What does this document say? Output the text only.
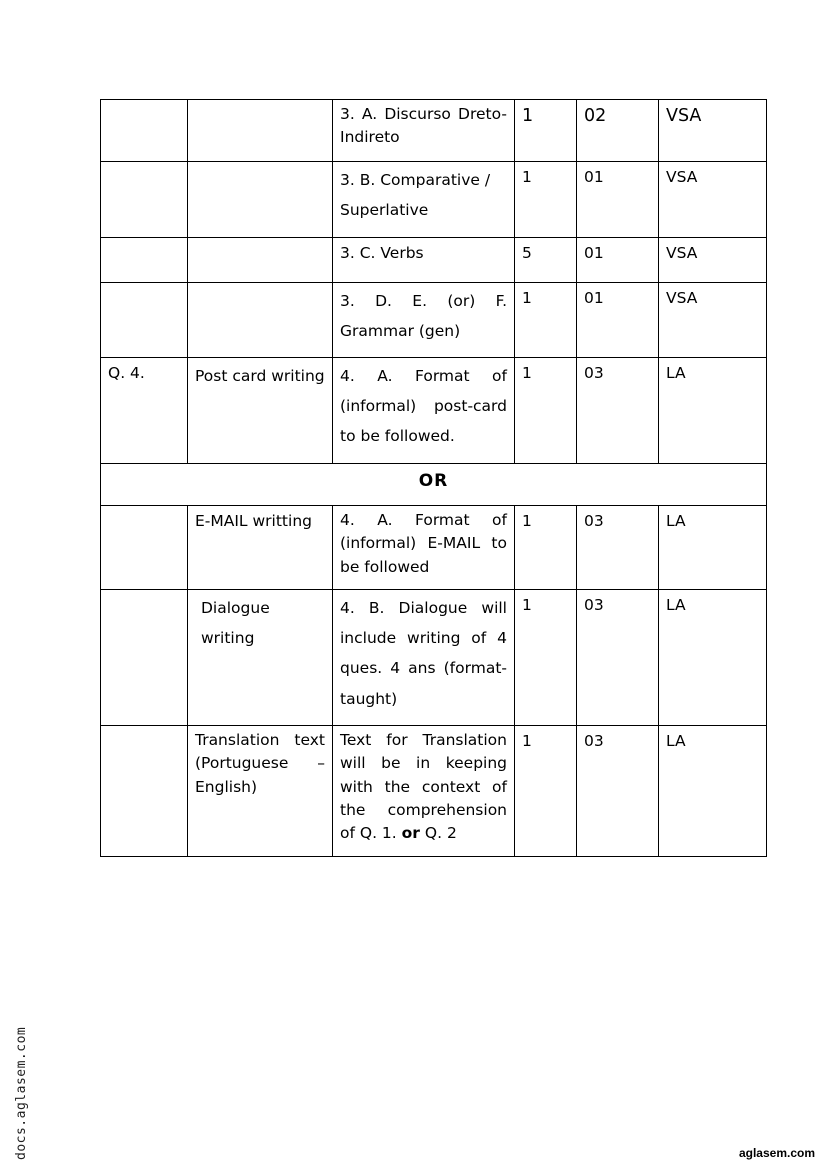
		3. A. Discurso Dreto- Indireto	1	02	VSA
		3. B. Comparative / Superlative	1	01	VSA
		3. C. Verbs	5	01	VSA
		3. D. E. (or) F. Grammar (gen)	1	01	VSA
Q. 4.	Post card writing	4. A. Format of (informal) post-card to be followed.	1	03	LA
OR					
	E-MAIL writting	4. A. Format of (informal) E-MAIL to be followed	1	03	LA
	Dialogue writing	4. B. Dialogue will include writing of 4 ques. 4 ans (format-taught)	1	03	LA
	Translation text (Portuguese – English)	Text for Translation will be in keeping with the context of the comprehension of Q. 1. or Q. 2	1	03	LA
docs.aglasem.com	aglasem.com
